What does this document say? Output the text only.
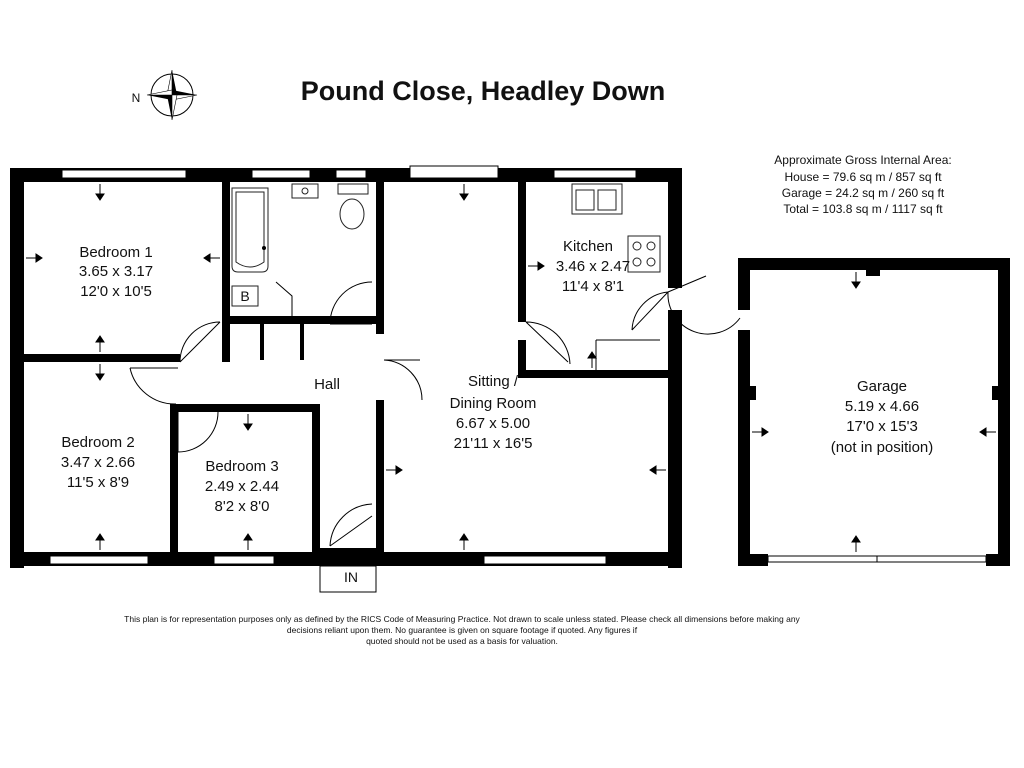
Pound Close, Headley Down
N
Approximate Gross Internal Area:
House = 79.6 sq m / 857 sq ft
Garage = 24.2 sq m / 260 sq ft
Total = 103.8 sq m / 1117 sq ft
B
Bedroom 1
3.65 x 3.17
12'0 x 10'5
Bedroom 2
3.47 x 2.66
11'5 x 8'9
Bedroom 3
2.49 x 2.44
8'2 x 8'0
Kitchen
3.46 x 2.47
11'4 x 8'1
Sitting /
Dining Room
6.67 x 5.00
21'11 x 16'5
Hall
IN
Garage
5.19 x 4.66
17'0 x 15'3
(not in position)
This plan is for representation purposes only as defined by the RICS Code of Measuring Practice. Not drawn to scale unless stated. Please check all dimensions before making any
decisions reliant upon them. No guarantee is given on square footage if quoted. Any figures if
quoted should not be used as a basis for valuation.
